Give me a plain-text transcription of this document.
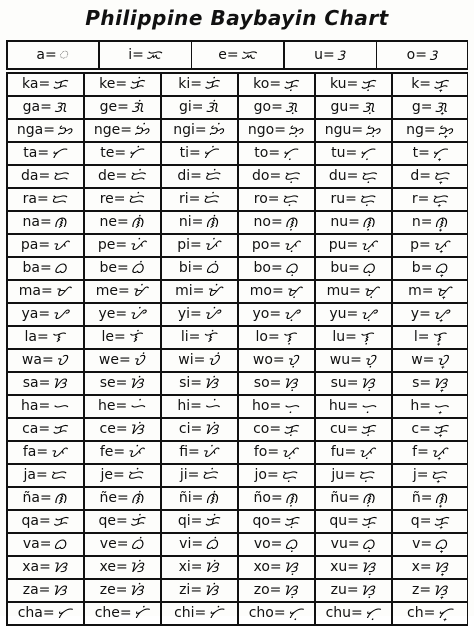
Philippine Baybayin Chart
a = ᜀ	i = ᜁ	e = ᜁ	u = ᜂ	o = ᜂ
ka = ᜃ ke = ᜃᜒ ki = ᜃᜒ ko = ᜃᜓ ku = ᜃᜓ	k = ᜃ᜔
ga = ᜄ ge = ᜄᜒ	gi = ᜄᜒ	go = ᜄᜓ gu = ᜄᜓ	g = ᜄ᜔
nga = ᜅ nge = ᜅᜒ ngi = ᜅᜒ ngo = ᜅᜓ ngu = ᜅᜓ ng = ᜅ᜔
ta = ᜆ te = ᜆᜒ	ti = ᜆᜒ	to = ᜆᜓ tu = ᜆᜓ	t = ᜆ᜔
da = ᜇ de = ᜇᜒ di = ᜇᜒ do = ᜇᜓ du = ᜇᜓ d = ᜇ᜔
ra = ᜇ re = ᜇᜒ	ri = ᜇᜒ	ro = ᜇᜓ ru = ᜇᜓ	r = ᜇ᜔
na = ᜈ ne = ᜈᜒ	ni = ᜈᜒ	no = ᜈᜓ nu = ᜈᜓ	n = ᜈ᜔
pa = ᜉ pe = ᜉᜒ pi = ᜉᜒ po = ᜉᜓ pu = ᜉᜓ p = ᜉ᜔
ba = ᜊ be = ᜊᜒ	bi = ᜊᜒ	bo = ᜊᜓ bu = ᜊᜓ	b = ᜊ᜔
ma = ᜋ me = ᜋᜒ mi = ᜋᜒ mo = ᜋᜓ mu = ᜋᜓ m = ᜋ᜔
ya = ᜌ ye = ᜌᜒ yi = ᜌᜒ yo = ᜌᜓ yu = ᜌᜓ	y = ᜌ᜔
la = ᜎ	le = ᜎᜒ	li = ᜎᜒ	lo = ᜎᜓ	lu = ᜎᜓ	l = ᜎ᜔
wa = ᜏ we = ᜏᜒ wi = ᜏᜒ wo = ᜏᜓ wu = ᜏᜓ	w = ᜏ᜔
sa = ᜐ se = ᜐᜒ	si = ᜐᜒ	so = ᜐᜓ su = ᜐᜓ	s = ᜐ᜔
ha = ᜑ he = ᜑᜒ hi = ᜑᜒ ho = ᜑᜓ hu = ᜑᜓ h = ᜑ᜔
ca = ᜃ ce = ᜐᜒ	ci = ᜐᜒ	co = ᜃᜓ cu = ᜃᜓ	c = ᜃ᜔
fa = ᜉ fe = ᜉᜒ	fi = ᜉᜒ	fo = ᜉᜓ fu = ᜉᜓ	f = ᜉ᜔
ja = ᜇ	je = ᜇᜒ	ji = ᜇᜒ	jo = ᜇᜓ ju = ᜇᜓ	j = ᜇ᜔
ña = ᜈ ñe = ᜈᜒ	ñi = ᜈᜒ	ño = ᜈᜓ ñu = ᜈᜓ	ñ = ᜈ᜔
qa = ᜃ qe = ᜃᜒ qi = ᜃᜒ qo = ᜃᜓ qu = ᜃᜓ	q = ᜃ᜔
va = ᜊ ve = ᜊᜒ	vi = ᜊᜒ	vo = ᜊᜓ vu = ᜊᜓ	v = ᜊ᜔
xa = ᜐ xe = ᜐᜒ	xi = ᜐᜒ	xo = ᜐᜓ xu = ᜐᜓ	x = ᜐ᜔
za = ᜐ ze = ᜐᜒ	zi = ᜐᜒ	zo = ᜐᜓ zu = ᜐᜓ	z = ᜐ᜔
cha = ᜆ che = ᜆᜒ chi = ᜆᜒ cho = ᜆᜓ chu = ᜆᜓ ch = ᜆ᜔
